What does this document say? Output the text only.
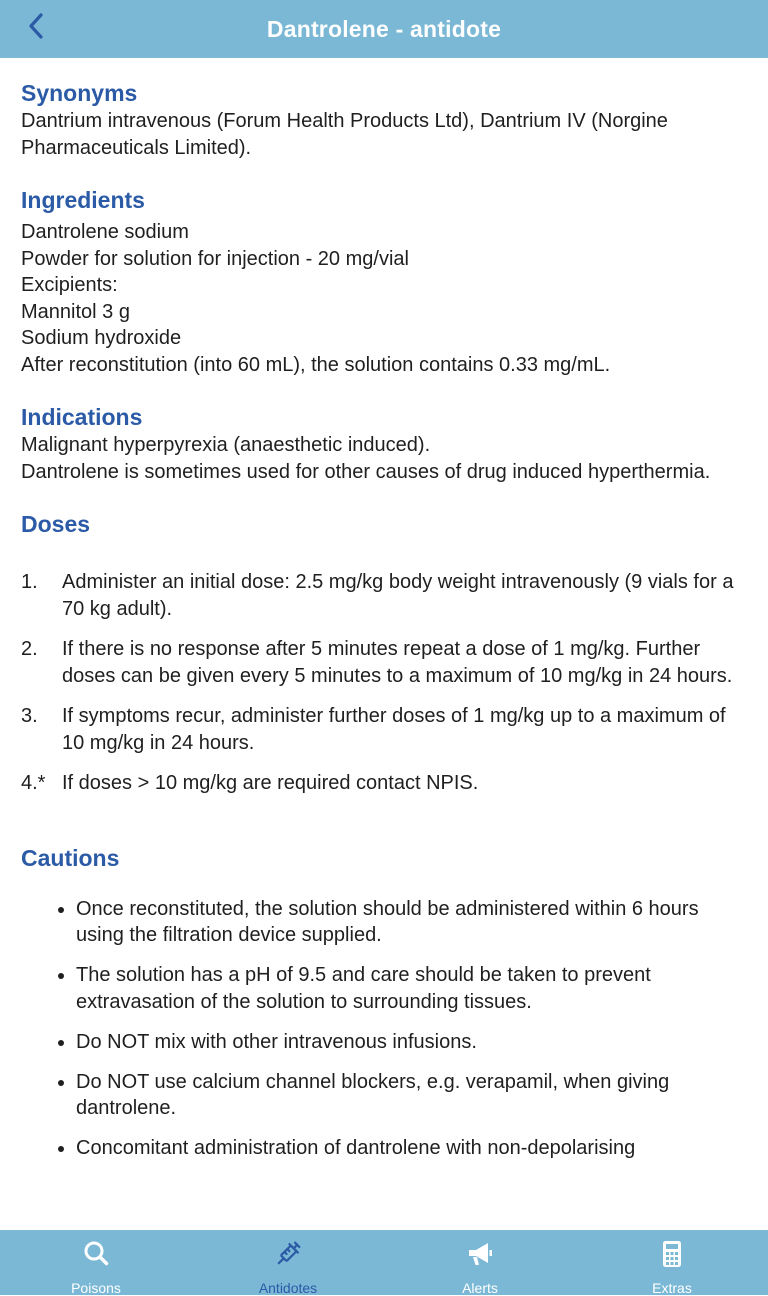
Dantrolene - antidote
Synonyms

Dantrium intravenous (Forum Health Products Ltd), Dantrium IV (Norgine Pharmaceuticals Limited).

Ingredients

Dantrolene sodium

Powder for solution for injection - 20 mg/vial

Excipients:

Mannitol 3 g

Sodium hydroxide

After reconstitution (into 60 mL), the solution contains 0.33 mg/mL.

Indications

Malignant hyperpyrexia (anaesthetic induced).

Dantrolene is sometimes used for other causes of drug induced hyperthermia.

Doses
1.	Administer an initial dose: 2.5 mg/kg body weight intravenously (9 vials for a 70 kg adult).
2.	If there is no response after 5 minutes repeat a dose of 1 mg/kg. Further doses can be given every 5 minutes to a maximum of 10 mg/kg in 24 hours.
3.	If symptoms recur, administer further doses of 1 mg/kg up to a maximum of 10 mg/kg in 24 hours.
4.* If doses > 10 mg/kg are required contact NPIS.
Cautions
• Once reconstituted, the solution should be administered within 6 hours using the filtration device supplied.
• The solution has a pH of 9.5 and care should be taken to prevent extravasation of the solution to surrounding tissues.
• Do NOT mix with other intravenous infusions.
• Do NOT use calcium channel blockers, e.g. verapamil, when giving dantrolene.
• Concomitant administration of dantrolene with non-depolarising
Poisons	Antidotes	Alerts	Extras
